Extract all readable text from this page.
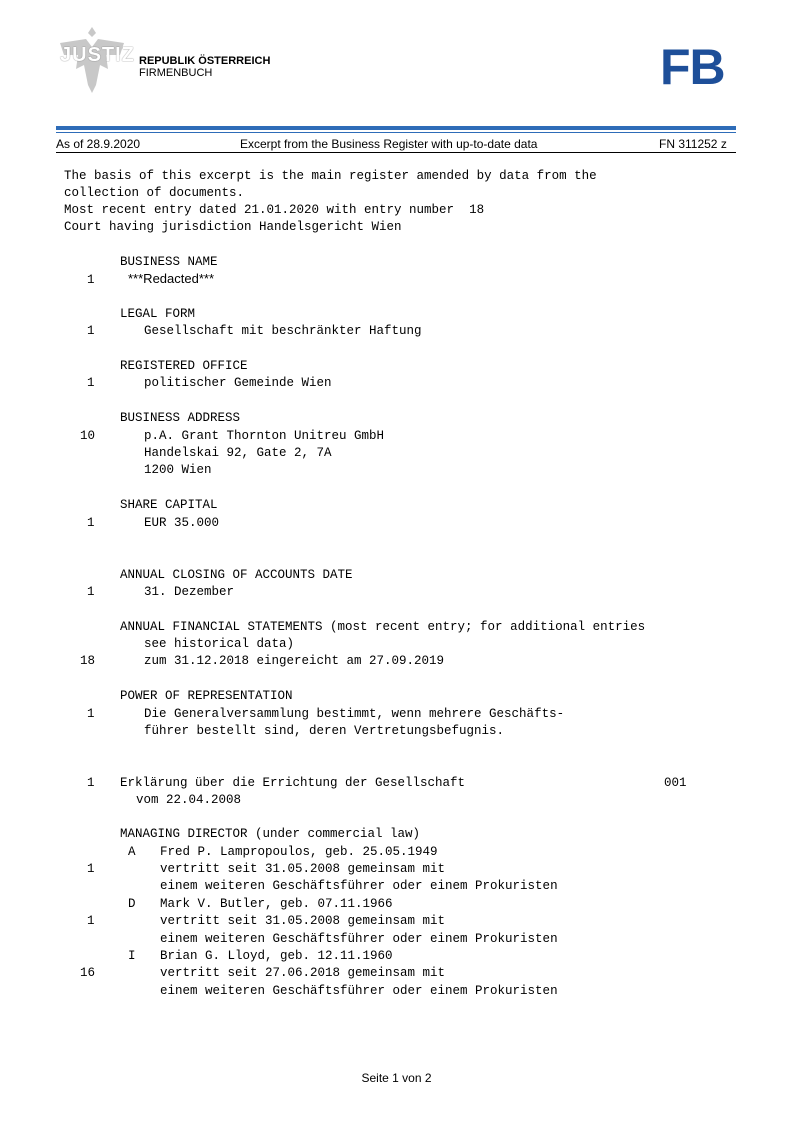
JUSTIZ REPUBLIK ÖSTERREICH
FIRMENBUCH	FB
As of 28.9.2020	Excerpt from the Business Register with up-to-date data	FN 311252 z
The basis of this excerpt is the main register amended by data from the
collection of documents.
Most recent entry dated 21.01.2020 with entry number  18
Court having jurisdiction Handelsgericht Wien
BUSINESS NAME
1	***Redacted***
LEGAL FORM
1	Gesellschaft mit beschränkter Haftung
REGISTERED OFFICE
1	politischer Gemeinde Wien
BUSINESS ADDRESS
10	p.A. Grant Thornton Unitreu GmbH
Handelskai 92, Gate 2, 7A
1200 Wien
SHARE CAPITAL
1	EUR 35.000
ANNUAL CLOSING OF ACCOUNTS DATE
1	31. Dezember
ANNUAL FINANCIAL STATEMENTS (most recent entry; for additional entries
see historical data)
18	zum 31.12.2018 eingereicht am 27.09.2019
POWER OF REPRESENTATION
1	Die Generalversammlung bestimmt, wenn mehrere Geschäfts-
führer bestellt sind, deren Vertretungsbefugnis.
1 Erklärung über die Errichtung der Gesellschaft	001
vom 22.04.2008
MANAGING DIRECTOR (under commercial law)
A Fred P. Lampropoulos, geb. 25.05.1949
1	vertritt seit 31.05.2008 gemeinsam mit
einem weiteren Geschäftsführer oder einem Prokuristen
D Mark V. Butler, geb. 07.11.1966
1	vertritt seit 31.05.2008 gemeinsam mit
einem weiteren Geschäftsführer oder einem Prokuristen
I Brian G. Lloyd, geb. 12.11.1960
16	vertritt seit 27.06.2018 gemeinsam mit
einem weiteren Geschäftsführer oder einem Prokuristen
Seite 1 von 2
